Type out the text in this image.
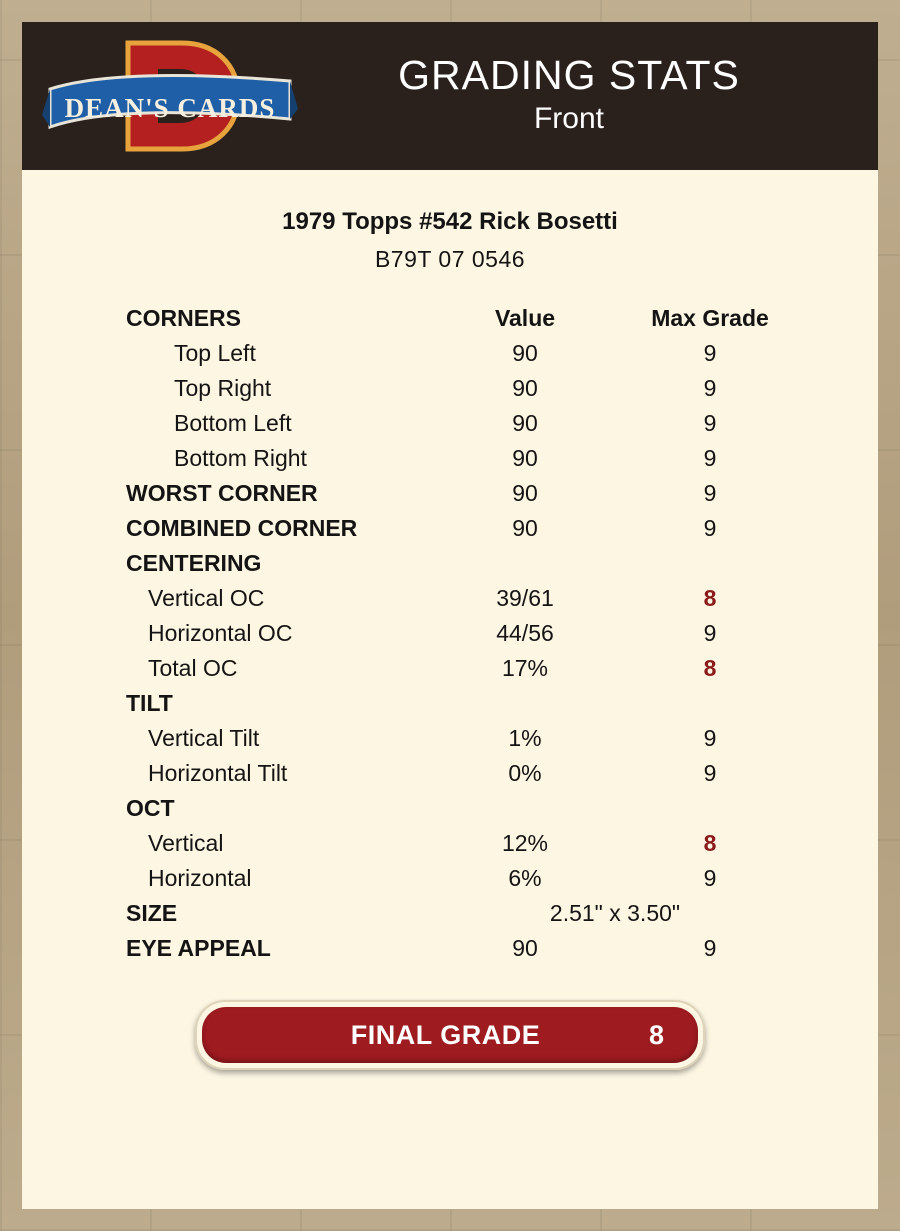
DEAN'S CARDS
GRADING STATS
Front
1979 Topps #542 Rick Bosetti
B79T 07 0546
CORNERS	Value	Max Grade
Top Left	90	9
Top Right	90	9
Bottom Left	90	9
Bottom Right	90	9
WORST CORNER	90	9
COMBINED CORNER	90	9

CENTERING		
Vertical OC	39/61	8
Horizontal OC	44/56	9
Total OC	17%	8
TILT		
Vertical Tilt	1%	9
Horizontal Tilt	0%	9
OCT		
Vertical	12%	8
Horizontal	6%	9
SIZE	2.51" x 3.50"	

EYE APPEAL	90	9
FINAL GRADE	8
